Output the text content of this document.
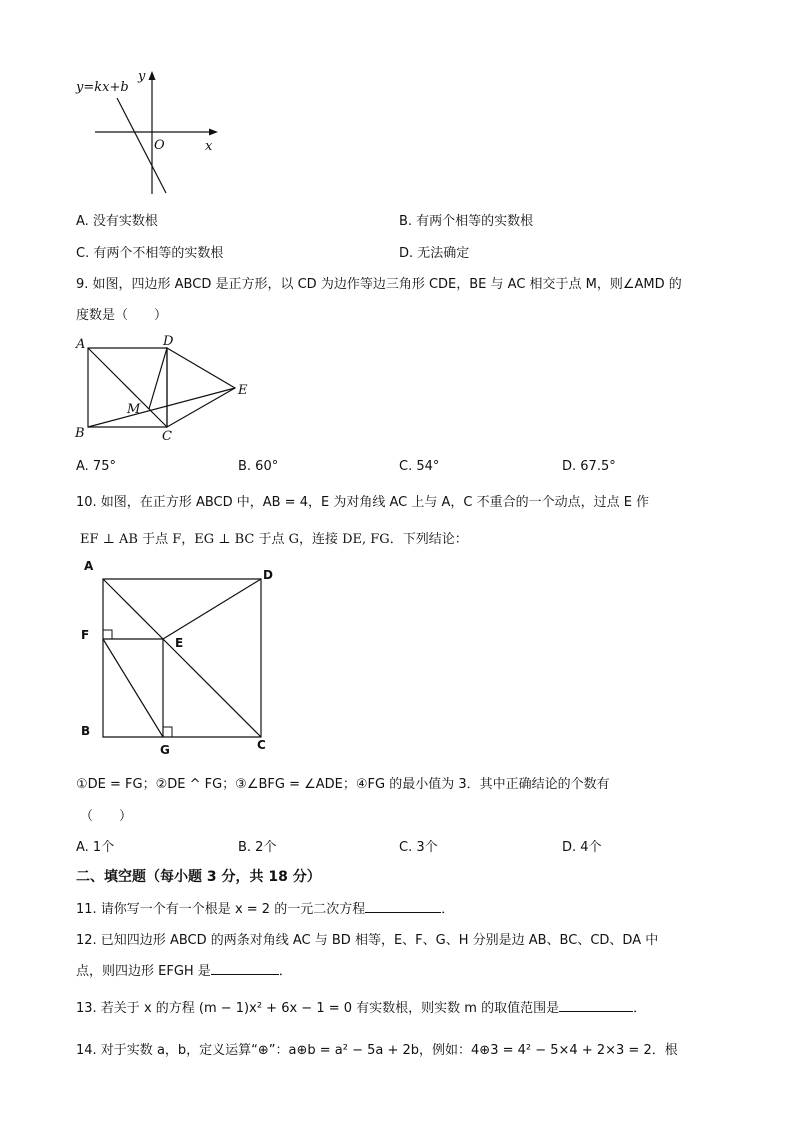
y=kx+b
y
x
O
A. 没有实数根	B. 有两个相等的实数根
C. 有两个不相等的实数根	D. 无法确定
9. 如图，四边形 ABCD 是正方形，以 CD 为边作等边三角形 CDE，BE 与 AC 相交于点 M，则∠AMD 的
度数是（　　）
A	D
E
M
B	C
A. 75°	B. 60°	C. 54°	D. 67.5°
10. 如图，在正方形 ABCD 中，AB = 4，E 为对角线 AC 上与 A，C 不重合的一个动点，过点 E 作
EF ⊥ AB 于点 F，EG ⊥ BC 于点 G，连接 DE, FG．下列结论：
A
D
F
E
B
G	C
①DE = FG；②DE ^ FG；③∠BFG = ∠ADE；④FG 的最小值为 3．其中正确结论的个数有
（　　）
A. 1个	B. 2个	C. 3个	D. 4个
二、填空题（每小题 3 分，共 18 分）
11. 请你写一个有一个根是 x = 2 的一元二次方程	．
12. 已知四边形 ABCD 的两条对角线 AC 与 BD 相等，E、F、G、H 分别是边 AB、BC、CD、DA 中
点，则四边形 EFGH 是	．
13. 若关于 x 的方程 (m − 1)x² + 6x − 1 = 0 有实数根，则实数 m 的取值范围是	．
14. 对于实数 a，b，定义运算“⊕”：a⊕b = a² − 5a + 2b，例如：4⊕3 = 4² − 5×4 + 2×3 = 2．根
